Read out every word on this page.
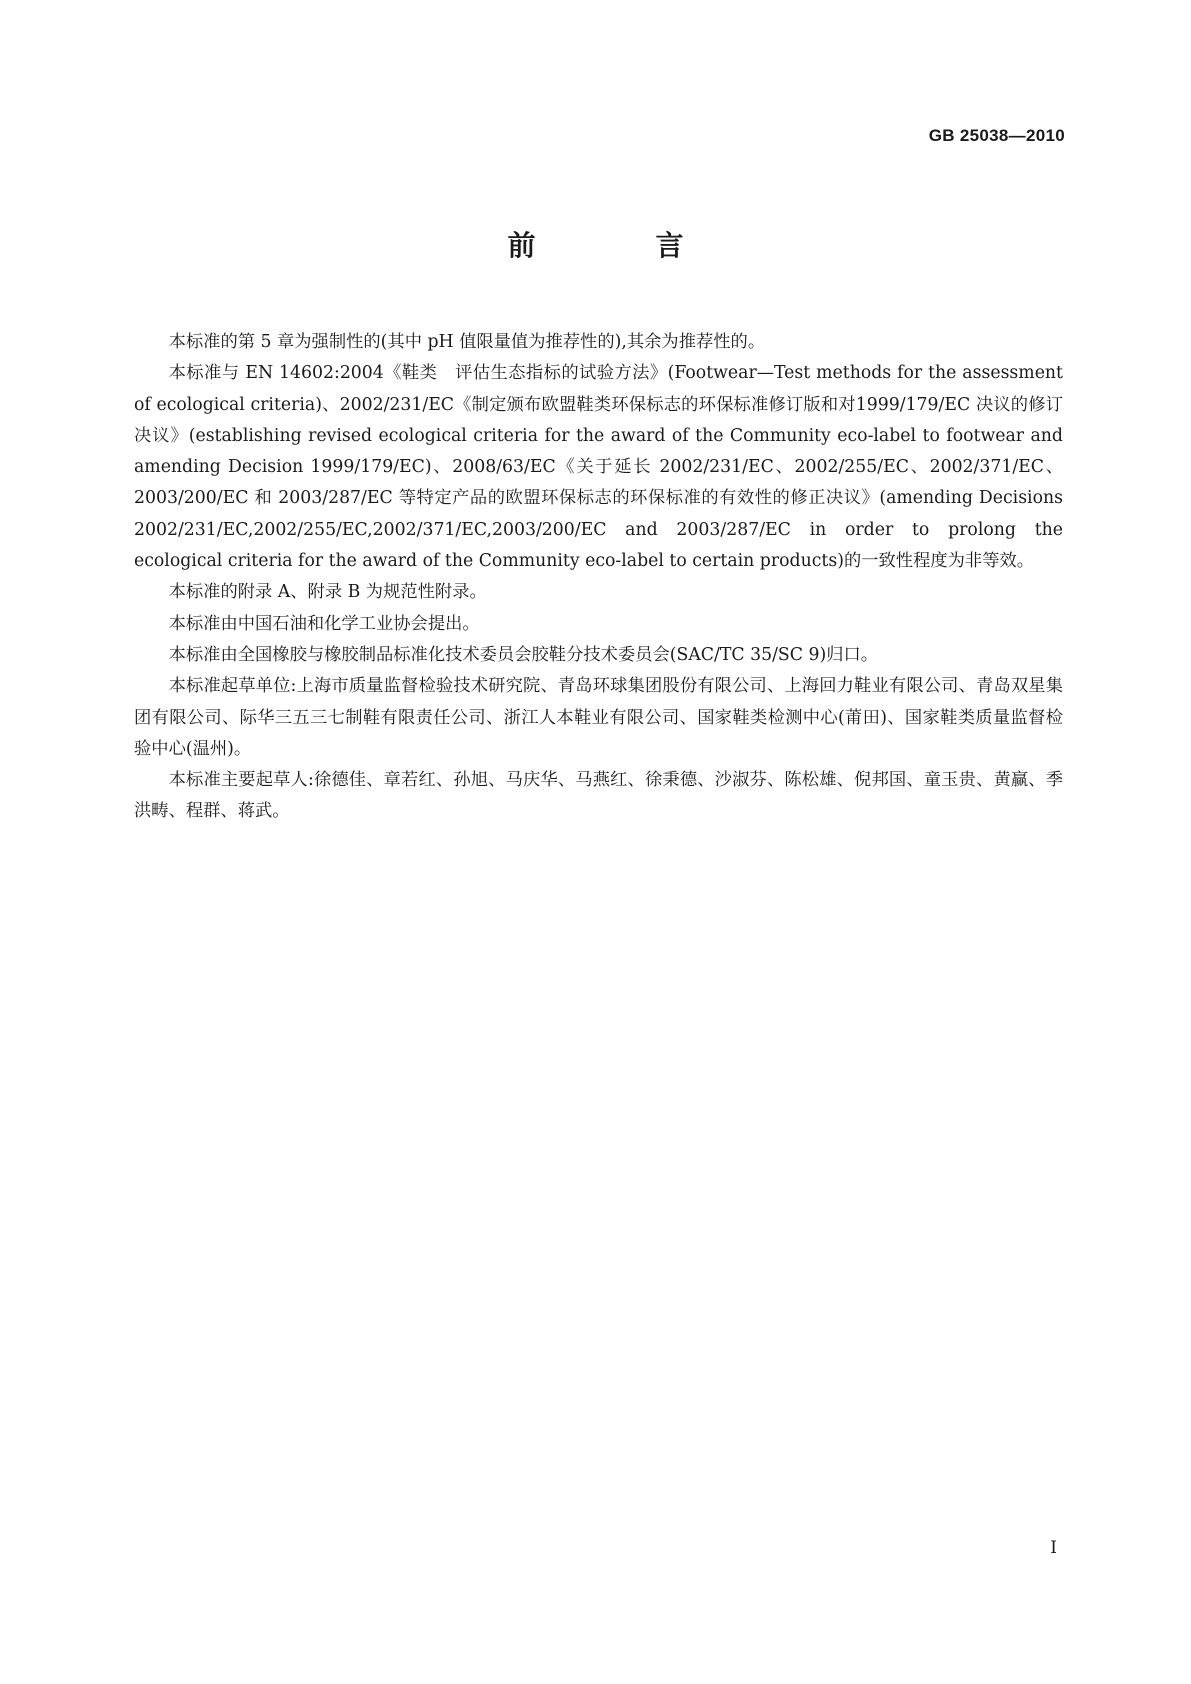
GB 25038—2010
前　言

本标准的第 5 章为强制性的(其中 pH 值限量值为推荐性的),其余为推荐性的。

本标准与 EN 14602:2004《鞋类　评估生态指标的试验方法》(Footwear—Test methods for the assessment of ecological criteria)、2002/231/EC《制定颁布欧盟鞋类环保标志的环保标准修订版和对1999/179/EC 决议的修订决议》(establishing revised ecological criteria for the award of the Community eco-label to footwear and amending Decision 1999/179/EC)、2008/63/EC《关于延长 2002/231/EC、2002/255/EC、2002/371/EC、2003/200/EC 和 2003/287/EC 等特定产品的欧盟环保标志的环保标准的有效性的修正决议》(amending Decisions 2002/231/EC,2002/255/EC,2002/371/EC,2003/200/EC and 2003/287/EC in order to prolong the ecological criteria for the award of the Community eco-label to certain products)的一致性程度为非等效。

本标准的附录 A、附录 B 为规范性附录。

本标准由中国石油和化学工业协会提出。

本标准由全国橡胶与橡胶制品标准化技术委员会胶鞋分技术委员会(SAC/TC 35/SC 9)归口。

本标准起草单位:上海市质量监督检验技术研究院、青岛环球集团股份有限公司、上海回力鞋业有限公司、青岛双星集团有限公司、际华三五三七制鞋有限责任公司、浙江人本鞋业有限公司、国家鞋类检测中心(莆田)、国家鞋类质量监督检验中心(温州)。

本标准主要起草人:徐德佳、章若红、孙旭、马庆华、马燕红、徐秉德、沙淑芬、陈松雄、倪邦国、童玉贵、黄赢、季洪畴、程群、蒋武。

I
